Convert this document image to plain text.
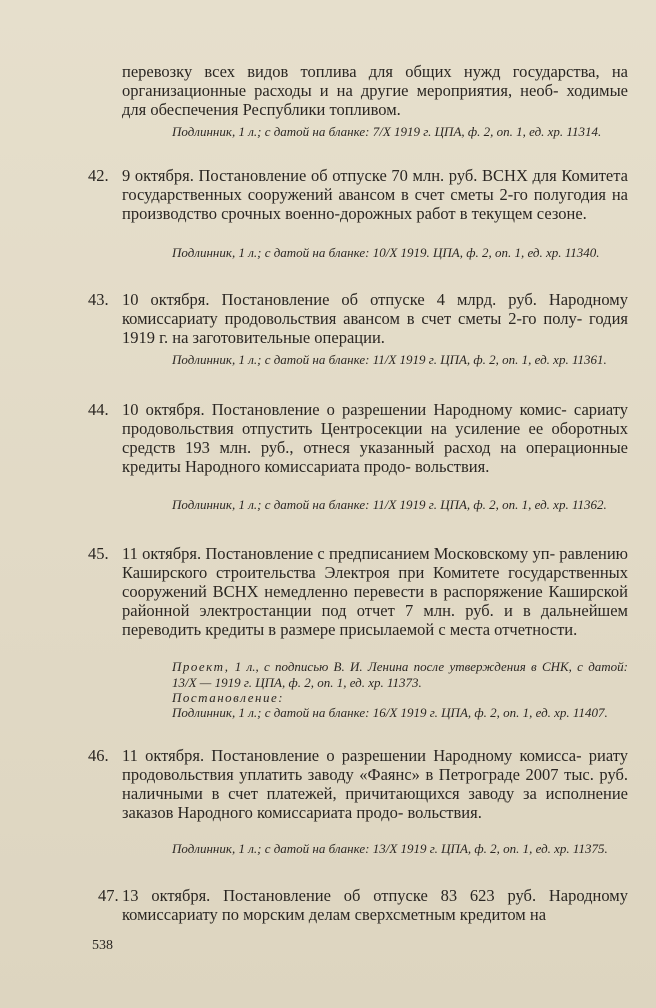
перевозку всех видов топлива для общих нужд государства, на организационные расходы и на другие мероприятия, необ- ходимые для обеспечения Республики топливом.

Подлинник, 1 л.; с датой на бланке: 7/X 1919 г. ЦПА, ф. 2, оп. 1, ед. хр. 11314.

42. 9 октября. Постановление об отпуске 70 млн. руб. ВСНХ для Комитета государственных сооружений авансом в счет сметы 2-го полугодия на производство срочных военно-дорожных работ в текущем сезоне.

Подлинник, 1 л.; с датой на бланке: 10/X 1919. ЦПА, ф. 2, оп. 1, ед. хр. 11340.

43. 10 октября. Постановление об отпуске 4 млрд. руб. Народному комиссариату продовольствия авансом в счет сметы 2-го полу- годия 1919 г. на заготовительные операции.

Подлинник, 1 л.; с датой на бланке: 11/X 1919 г. ЦПА, ф. 2, оп. 1, ед. хр. 11361.

44. 10 октября. Постановление о разрешении Народному комис- сариату продовольствия отпустить Центросекции на усиление ее оборотных средств 193 млн. руб., отнеся указанный расход на операционные кредиты Народного комиссариата продо- вольствия.

Подлинник, 1 л.; с датой на бланке: 11/X 1919 г. ЦПА, ф. 2, оп. 1, ед. хр. 11362.

45. 11 октября. Постановление с предписанием Московскому уп- равлению Каширского строительства Электроя при Комитете государственных сооружений ВСНХ немедленно перевести в распоряжение Каширской районной электростанции под отчет 7 млн. руб. и в дальнейшем переводить кредиты в размере присылаемой с места отчетности.

Проект, 1 л., с подписью В. И. Ленина после утверждения в СНК, с датой: 13/X — 1919 г. ЦПА, ф. 2, оп. 1, ед. хр. 11373.

Постановление:

Подлинник, 1 л.; с датой на бланке: 16/X 1919 г. ЦПА, ф. 2, оп. 1, ед. хр. 11407.

46. 11 октября. Постановление о разрешении Народному комисса- риату продовольствия уплатить заводу «Фаянс» в Петрограде 2007 тыс. руб. наличными в счет платежей, причитающихся заводу за исполнение заказов Народного комиссариата продо- вольствия.

Подлинник, 1 л.; с датой на бланке: 13/X 1919 г. ЦПА, ф. 2, оп. 1, ед. хр. 11375.

47. 13 октября. Постановление об отпуске 83 623 руб. Народному комиссариату по морским делам сверхсметным кредитом на

538
